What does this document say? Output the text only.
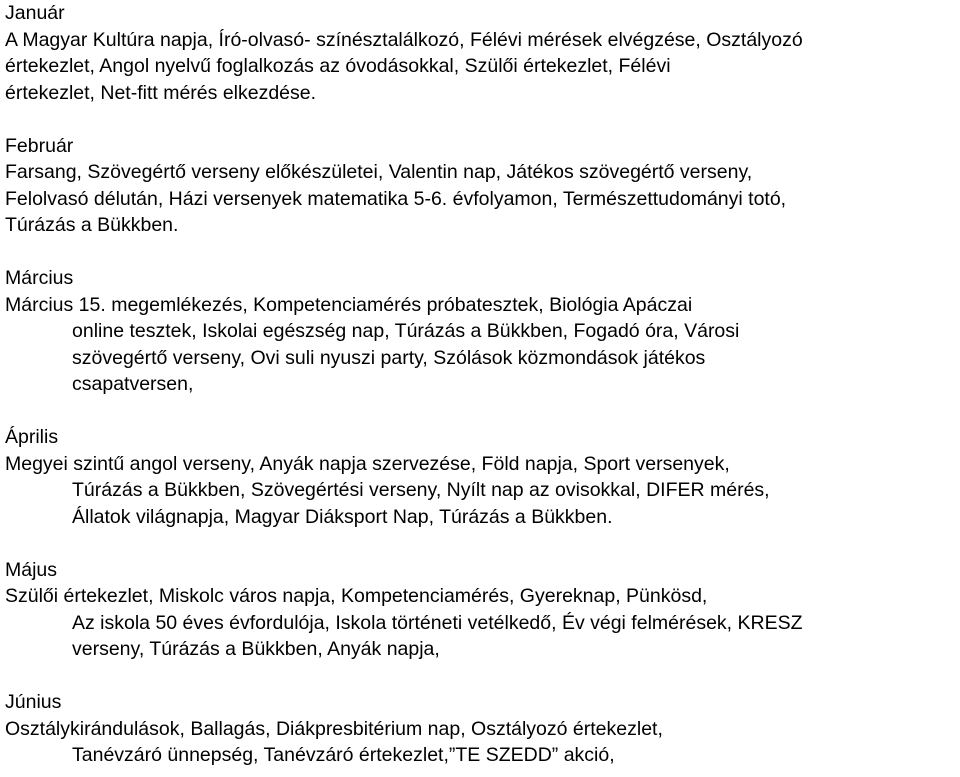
Január
A Magyar Kultúra napja, Író-olvasó- színésztalálkozó, Félévi mérések elvégzése, Osztályozó
értekezlet, Angol nyelvű foglalkozás az óvodásokkal, Szülői értekezlet, Félévi
értekezlet, Net-fitt mérés elkezdése.
Február
Farsang, Szövegértő verseny előkészületei, Valentin nap, Játékos szövegértő verseny,
Felolvasó délután, Házi versenyek matematika 5-6. évfolyamon, Természettudományi totó,
Túrázás a Bükkben.
Március
Március 15. megemlékezés, Kompetenciamérés próbatesztek, Biológia Apáczai
online tesztek, Iskolai egészség nap, Túrázás a Bükkben, Fogadó óra, Városi
szövegértő verseny, Ovi suli nyuszi party, Szólások közmondások játékos
csapatversen,
Április
Megyei szintű angol verseny, Anyák napja szervezése, Föld napja, Sport versenyek,
Túrázás a Bükkben, Szövegértési verseny, Nyílt nap az ovisokkal, DIFER mérés,
Állatok világnapja, Magyar Diáksport Nap, Túrázás a Bükkben.
Május
Szülői értekezlet, Miskolc város napja, Kompetenciamérés, Gyereknap, Pünkösd,
Az iskola 50 éves évfordulója, Iskola történeti vetélkedő, Év végi felmérések, KRESZ
verseny, Túrázás a Bükkben, Anyák napja,
Június
Osztálykirándulások, Ballagás, Diákpresbitérium nap, Osztályozó értekezlet,
Tanévzáró ünnepség, Tanévzáró értekezlet,”TE SZEDD” akció,
